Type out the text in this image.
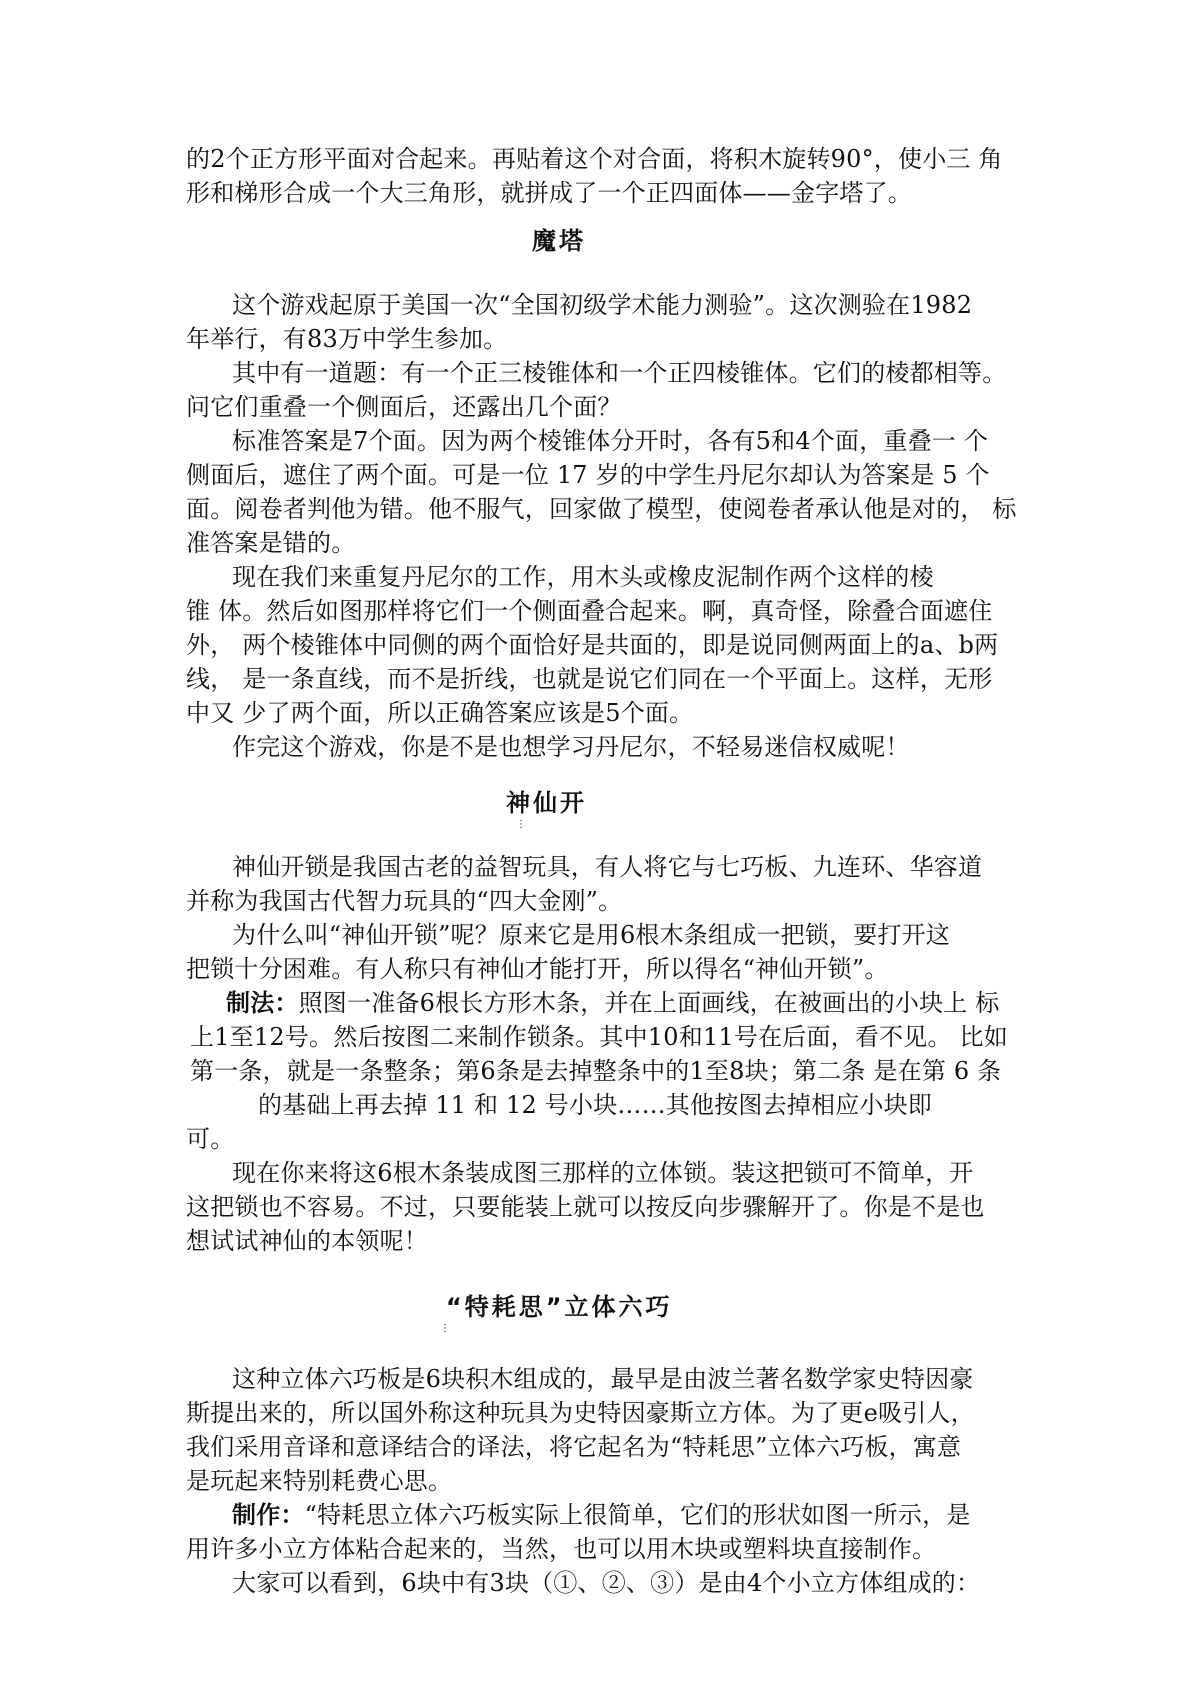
的2个正方形平面对合起来。再贴着这个对合面，将积木旋转90°，使小三 角
形和梯形合成一个大三角形，就拼成了一个正四面体——金字塔了。
魔塔
这个游戏起原于美国一次“全国初级学术能力测验”。这次测验在1982
年举行，有83万中学生参加。
其中有一道题：有一个正三棱锥体和一个正四棱锥体。它们的棱都相等。
问它们重叠一个侧面后，还露出几个面？
标准答案是7个面。因为两个棱锥体分开时，各有5和4个面，重叠一 个
侧面后，遮住了两个面。可是一位 17 岁的中学生丹尼尔却认为答案是 5 个
面。阅卷者判他为错。他不服气，回家做了模型，使阅卷者承认他是对的， 标
准答案是错的。
现在我们来重复丹尼尔的工作，用木头或橡皮泥制作两个这样的棱
锥 体。然后如图那样将它们一个侧面叠合起来。啊，真奇怪，除叠合面遮住
外， 两个棱锥体中同侧的两个面恰好是共面的，即是说同侧两面上的a、b两
线， 是一条直线，而不是折线，也就是说它们同在一个平面上。这样，无形
中又 少了两个面，所以正确答案应该是5个面。
作完这个游戏，你是不是也想学习丹尼尔，不轻易迷信权威呢！
神仙开
⋮
神仙开锁是我国古老的益智玩具，有人将它与七巧板、九连环、华容道
并称为我国古代智力玩具的“四大金刚”。
为什么叫“神仙开锁”呢？原来它是用6根木条组成一把锁，要打开这
把锁十分困难。有人称只有神仙才能打开，所以得名“神仙开锁”。
制法：照图一准备6根长方形木条，并在上面画线，在被画出的小块上 标
上1至12号。然后按图二来制作锁条。其中10和11号在后面，看不见。 比如
第一条，就是一条整条；第6条是去掉整条中的1至8块；第二条 是在第 6 条
的基础上再去掉 11 和 12 号小块……其他按图去掉相应小块即
可。
现在你来将这6根木条装成图三那样的立体锁。装这把锁可不简单，开
这把锁也不容易。不过，只要能装上就可以按反向步骤解开了。你是不是也
想试试神仙的本领呢！
“特耗思”立体六巧
⋮
这种立体六巧板是6块积木组成的，最早是由波兰著名数学家史特因豪
斯提出来的，所以国外称这种玩具为史特因豪斯立方体。为了更e吸引人，
我们采用音译和意译结合的译法，将它起名为“特耗思”立体六巧板，寓意
是玩起来特别耗费心思。
制作：“特耗思立体六巧板实际上很简单，它们的形状如图一所示，是
用许多小立方体粘合起来的，当然，也可以用木块或塑料块直接制作。
大家可以看到，6块中有3块（①、②、③）是由4个小立方体组成的：
